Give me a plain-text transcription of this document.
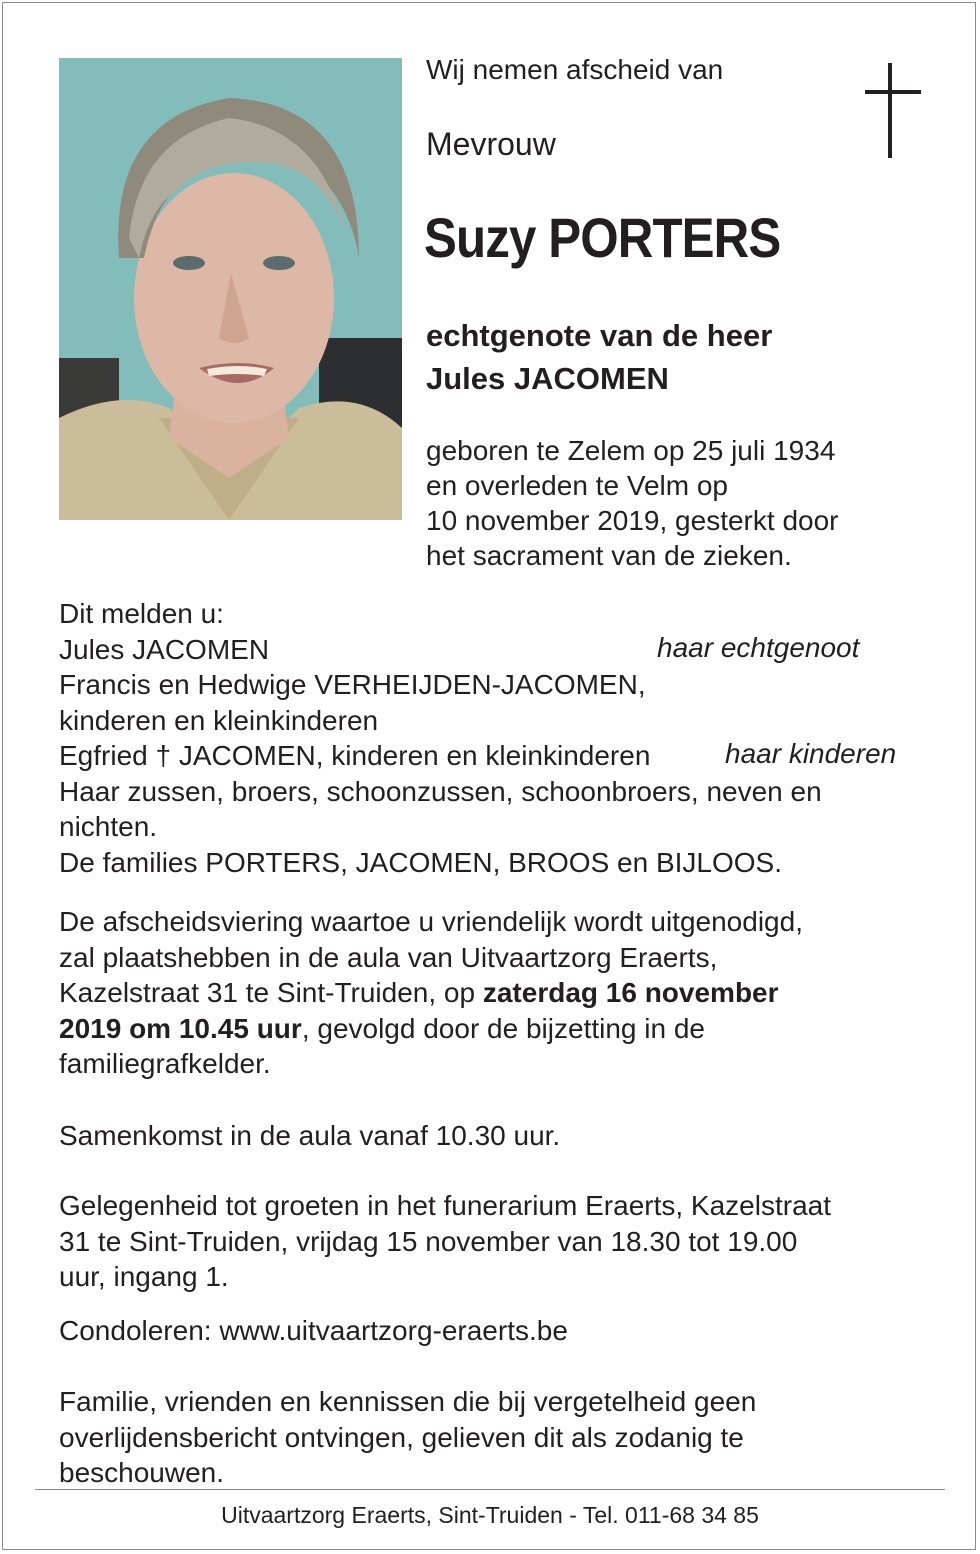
Wij nemen afscheid van
Mevrouw
Suzy PORTERS
echtgenote van de heer
Jules JACOMEN
geboren te Zelem op 25 juli 1934
en overleden te Velm op
10 november 2019, gesterkt door
het sacrament van de zieken.
Dit melden u:
Jules JACOMEN
Francis en Hedwige VERHEIJDEN-JACOMEN,
kinderen en kleinkinderen
Egfried † JACOMEN, kinderen en kleinkinderen
Haar zussen, broers, schoonzussen, schoonbroers, neven en
nichten.
De families PORTERS, JACOMEN, BROOS en BIJLOOS.
haar echtgenoot
haar kinderen
De afscheidsviering waartoe u vriendelijk wordt uitgenodigd,
zal plaatshebben in de aula van Uitvaartzorg Eraerts,
Kazelstraat 31 te Sint-Truiden, op zaterdag 16 november
2019 om 10.45 uur, gevolgd door de bijzetting in de
familiegrafkelder.
Samenkomst in de aula vanaf 10.30 uur.
Gelegenheid tot groeten in het funerarium Eraerts, Kazelstraat
31 te Sint-Truiden, vrijdag 15 november van 18.30 tot 19.00
uur, ingang 1.
Condoleren: www.uitvaartzorg-eraerts.be
Familie, vrienden en kennissen die bij vergetelheid geen
overlijdensbericht ontvingen, gelieven dit als zodanig te
beschouwen.
Uitvaartzorg Eraerts, Sint-Truiden - Tel. 011-68 34 85
